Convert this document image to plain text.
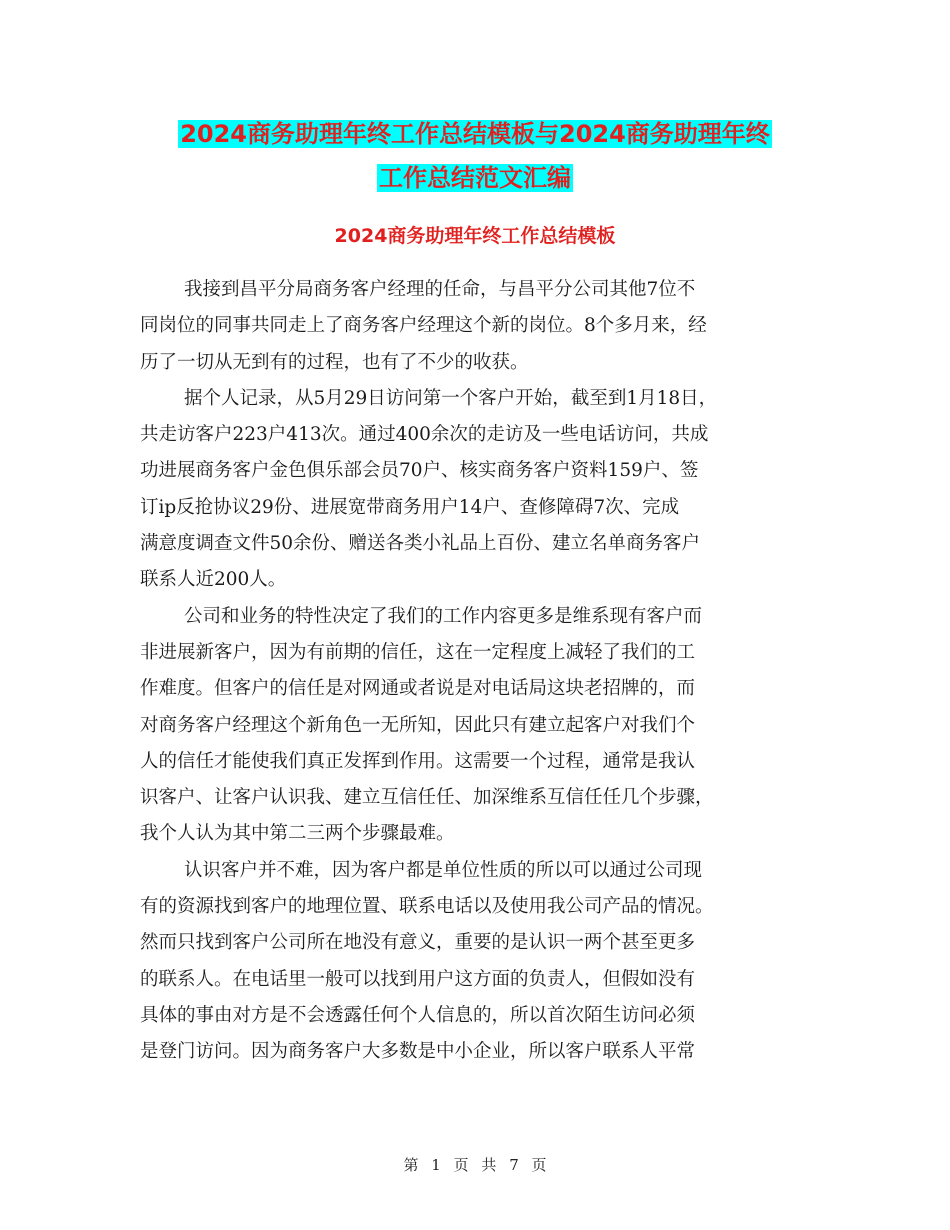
2024商务助理年终工作总结模板与2024商务助理年终
工作总结范文汇编
2024商务助理年终工作总结模板
我接到昌平分局商务客户经理的任命，与昌平分公司其他7位不
同岗位的同事共同走上了商务客户经理这个新的岗位。8个多月来，经
历了一切从无到有的过程，也有了不少的收获。
据个人记录，从5月29日访问第一个客户开始，截至到1月18日，
共走访客户223户413次。通过400余次的走访及一些电话访问，共成
功进展商务客户金色俱乐部会员70户、核实商务客户资料159户、签
订ip反抢协议29份、进展宽带商务用户14户、查修障碍7次、完成
满意度调查文件50余份、赠送各类小礼品上百份、建立名单商务客户
联系人近200人。
公司和业务的特性决定了我们的工作内容更多是维系现有客户而
非进展新客户，因为有前期的信任，这在一定程度上减轻了我们的工
作难度。但客户的信任是对网通或者说是对电话局这块老招牌的，而
对商务客户经理这个新角色一无所知，因此只有建立起客户对我们个
人的信任才能使我们真正发挥到作用。这需要一个过程，通常是我认
识客户、让客户认识我、建立互信任任、加深维系互信任任几个步骤，
我个人认为其中第二三两个步骤最难。
认识客户并不难，因为客户都是单位性质的所以可以通过公司现
有的资源找到客户的地理位置、联系电话以及使用我公司产品的情况。
然而只找到客户公司所在地没有意义，重要的是认识一两个甚至更多
的联系人。在电话里一般可以找到用户这方面的负责人，但假如没有
具体的事由对方是不会透露任何个人信息的，所以首次陌生访问必须
是登门访问。因为商务客户大多数是中小企业，所以客户联系人平常
第 1 页 共 7 页
